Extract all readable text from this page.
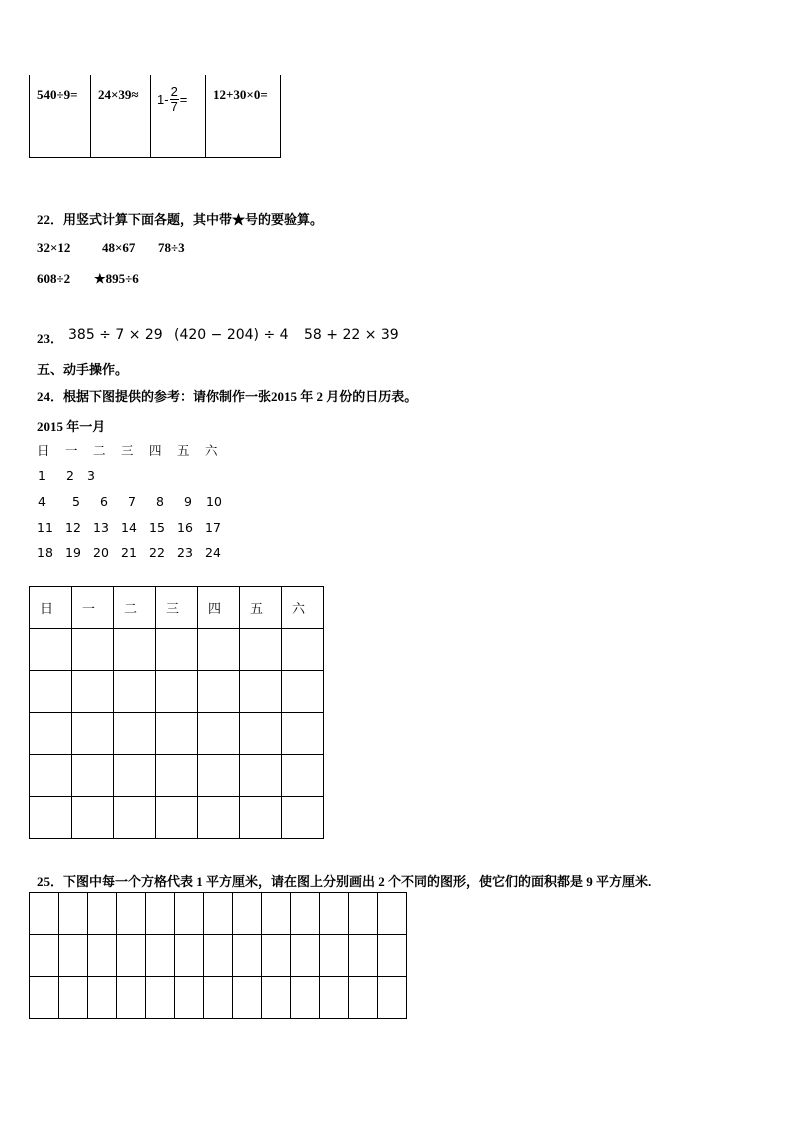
540÷9=	24×39≈	$1- \frac{2}{7}$ =	12+30×0=
22．用竖式计算下面各题，其中带★号的要验算。
32×12 48×67 78÷3
608÷2 ★895÷6
23． 385 ÷ 7 × 29 (420 − 204) ÷ 4 58 + 22 × 39
五、动手操作。
24．根据下图提供的参考：请你制作一张2015 年 2 月份的日历表。
2015 年一月
日 一 二 三 四 五 六
1 2 3
4 5 6 7 8 9 10
11 12 13 14 15 16 17
18 19 20 21 22 23 24
日	一	二	三	四	五	六

25．下图中每一个方格代表 1 平方厘米，请在图上分别画出 2 个不同的图形，使它们的面积都是 9 平方厘米.
